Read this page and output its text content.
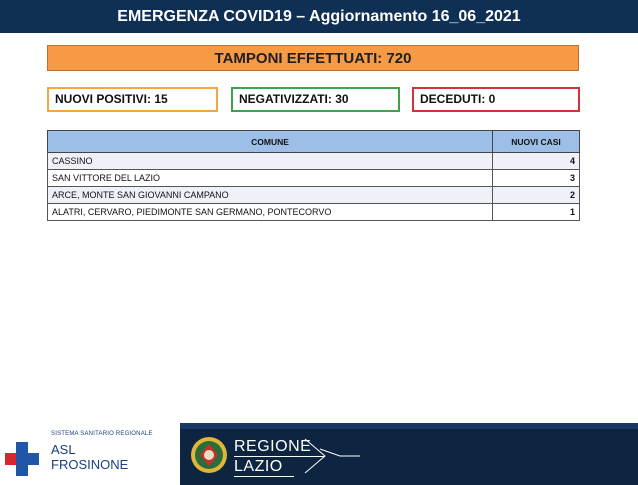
EMERGENZA COVID19 – Aggiornamento 16_06_2021
TAMPONI EFFETTUATI: 720
NUOVI POSITIVI: 15	NEGATIVIZZATI: 30	DECEDUTI: 0
COMUNE	NUOVI CASI
CASSINO	4
SAN VITTORE DEL LAZIO	3
ARCE, MONTE SAN GIOVANNI CAMPANO	2
ALATRI, CERVARO, PIEDIMONTE SAN GERMANO, PONTECORVO	1
SISTEMA SANITARIO REGIONALE
ASL
FROSINONE
REGIONE
LAZIO
